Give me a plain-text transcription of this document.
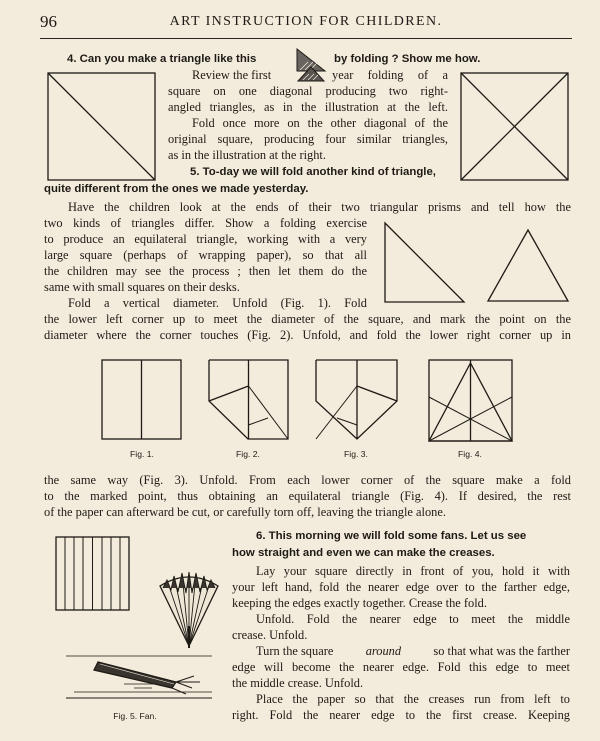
96	ART INSTRUCTION FOR CHILDREN.
4. Can you make a triangle like this	by folding ? Show me how.
Review the first	year folding of a
square on one diagonal producing two right-
angled triangles, as in the illustration at the left.
Fold once more on the other diagonal of the
original square, producing four similar triangles,
as in the illustration at the right.
5. To-day we will fold another kind of triangle,
quite different from the ones we made yesterday.
Have the children look at the ends of their two triangular prisms and tell how the
two kinds of triangles differ. Show a folding exercise
to produce an equilateral triangle, working with a very
large square (perhaps of wrapping paper), so that all
the children may see the process ; then let them do the
same with small squares on their desks.
Fold a vertical diameter. Unfold (Fig. 1). Fold
the lower left corner up to meet the diameter of the square, and mark the point on the
diameter where the corner touches (Fig. 2). Unfold, and fold the lower right corner up in
Fig. 1.	Fig. 2.	Fig. 3.	Fig. 4.
the same way (Fig. 3). Unfold. From each lower corner of the square make a fold
to the marked point, thus obtaining an equilateral triangle (Fig. 4). If desired, the rest
of the paper can afterward be cut, or carefully torn off, leaving the triangle alone.
6. This morning we will fold some fans. Let us see
how straight and even we can make the creases.
Lay your square directly in front of you, hold it with
your left hand, fold the nearer edge over to the farther edge,
keeping the edges exactly together. Crease the fold.
Unfold. Fold the nearer edge to meet the middle
crease. Unfold.
Turn the square	around	so that what was the farther
edge will become the nearer edge. Fold this edge to meet
the middle crease. Unfold.
Place the paper so that the creases run from left to
right. Fold the nearer edge to the first crease. Keeping
Fig. 5. Fan.
